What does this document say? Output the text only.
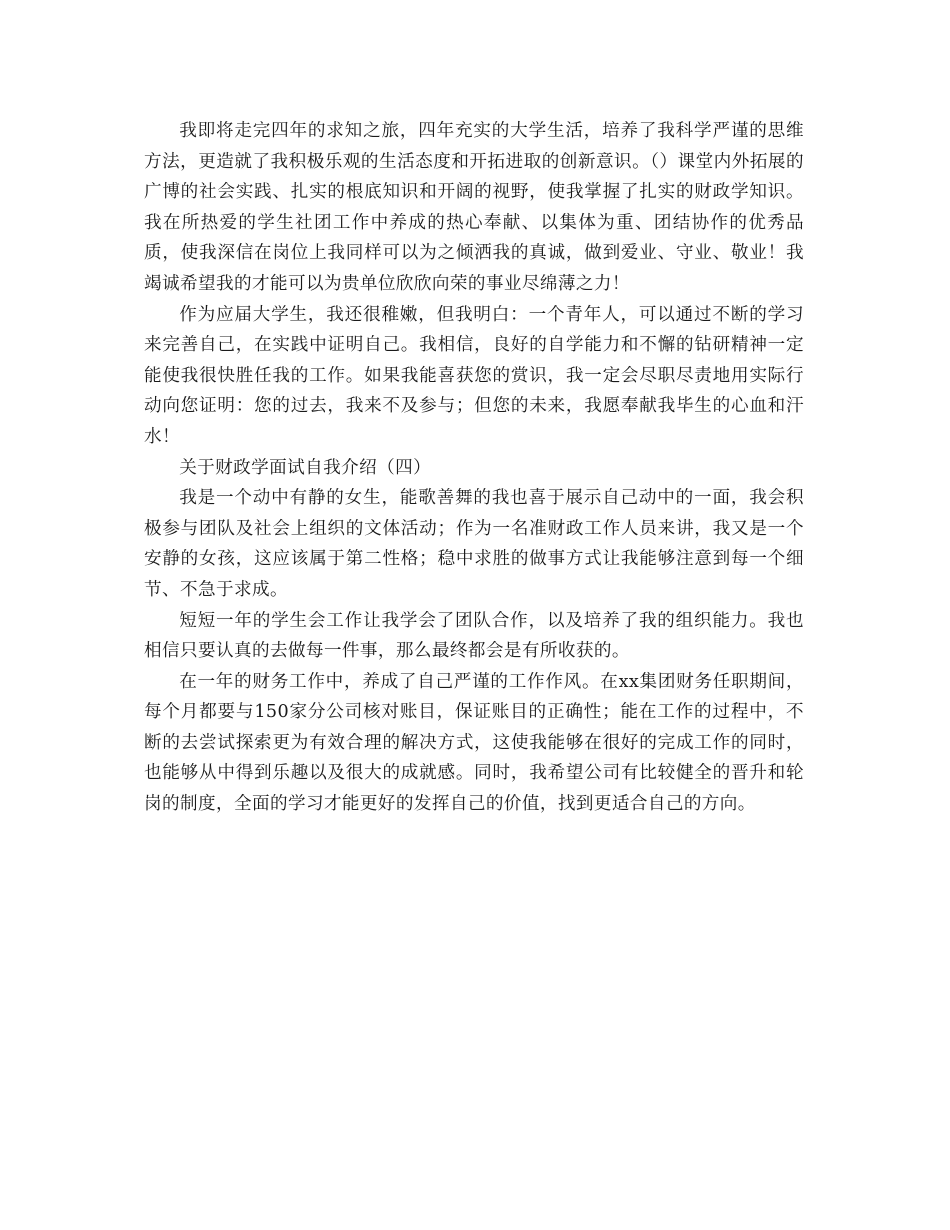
我即将走完四年的求知之旅，四年充实的大学生活，培养了我科学严谨的思维方法，更造就了我积极乐观的生活态度和开拓进取的创新意识。（）课堂内外拓展的广博的社会实践、扎实的根底知识和开阔的视野，使我掌握了扎实的财政学知识。我在所热爱的学生社团工作中养成的热心奉献、以集体为重、团结协作的优秀品质，使我深信在岗位上我同样可以为之倾洒我的真诚，做到爱业、守业、敬业！我竭诚希望我的才能可以为贵单位欣欣向荣的事业尽绵薄之力！

作为应届大学生，我还很稚嫩，但我明白：一个青年人，可以通过不断的学习来完善自己，在实践中证明自己。我相信，良好的自学能力和不懈的钻研精神一定能使我很快胜任我的工作。如果我能喜获您的赏识，我一定会尽职尽责地用实际行动向您证明：您的过去，我来不及参与；但您的未来，我愿奉献我毕生的心血和汗水！

关于财政学面试自我介绍（四）

我是一个动中有静的女生，能歌善舞的我也喜于展示自己动中的一面，我会积极参与团队及社会上组织的文体活动；作为一名准财政工作人员来讲，我又是一个安静的女孩，这应该属于第二性格；稳中求胜的做事方式让我能够注意到每一个细节、不急于求成。

短短一年的学生会工作让我学会了团队合作，以及培养了我的组织能力。我也相信只要认真的去做每一件事，那么最终都会是有所收获的。

在一年的财务工作中，养成了自己严谨的工作作风。在xx集团财务任职期间，每个月都要与150家分公司核对账目，保证账目的正确性；能在工作的过程中，不断的去尝试探索更为有效合理的解决方式，这使我能够在很好的完成工作的同时，也能够从中得到乐趣以及很大的成就感。同时，我希望公司有比较健全的晋升和轮岗的制度，全面的学习才能更好的发挥自己的价值，找到更适合自己的方向。
